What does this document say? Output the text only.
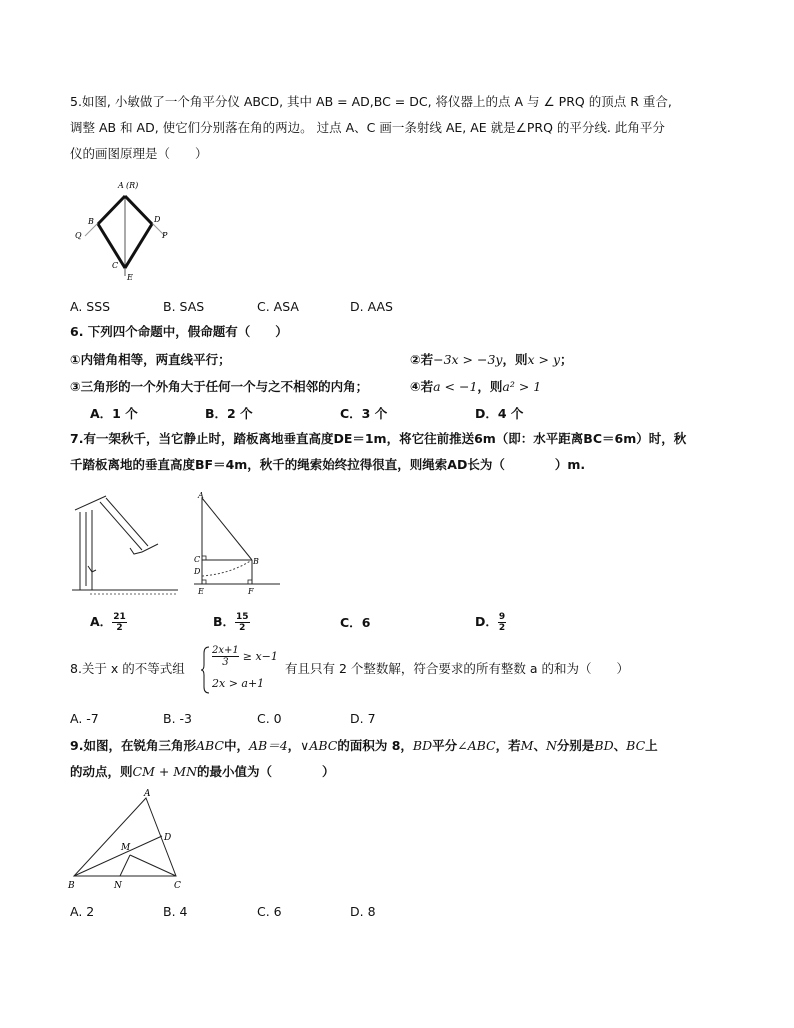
5.如图, 小敏做了一个角平分仪 ABCD, 其中 AB = AD,BC = DC, 将仪器上的点 A 与 ∠ PRQ 的顶点 R 重合,
调整 AB 和 AD, 使它们分别落在角的两边。 过点 A、C 画一条射线 AE, AE 就是∠PRQ 的平分线. 此角平分
仪的画图原理是（　　）
A (R)
B	D
Q	P
C
E
A. SSS	B. SAS	C. ASA	D. AAS
6. 下列四个命题中，假命题有（　　）
①内错角相等，两直线平行；	②若−3x > −3y，则x > y；
③三角形的一个外角大于任何一个与之不相邻的内角；	④若a < −1，则a² > 1
A．1 个	B．2 个	C．3 个	D．4 个
7.有一架秋千，当它静止时，踏板离地垂直高度DE＝1m，将它往前推送6m（即：水平距离BC＝6m）时，秋
千踏板离地的垂直高度BF＝4m，秋千的绳索始终拉得很直，则绳索AD长为（　　　　）m.
A
C
D
B
E	F
A． $\frac{21}{2}$	B． $\frac{15}{2}$	C．6	D． $\frac{9}{2}$
8.关于 x 的不等式组
$\frac{2x+1}{3} \ge x-1$
2x > a+1
有且只有 2 个整数解，符合要求的所有整数 a 的和为（　　）
A. -7	B. -3	C. 0	D. 7
9.如图，在锐角三角形ABC中，AB＝4，∨ABC的面积为 8，BD平分∠ABC，若M、N分别是BD、BC上
的动点，则CM + MN的最小值为（　　　　）
A
D
M
B	N	C
A. 2	B. 4	C. 6	D. 8
